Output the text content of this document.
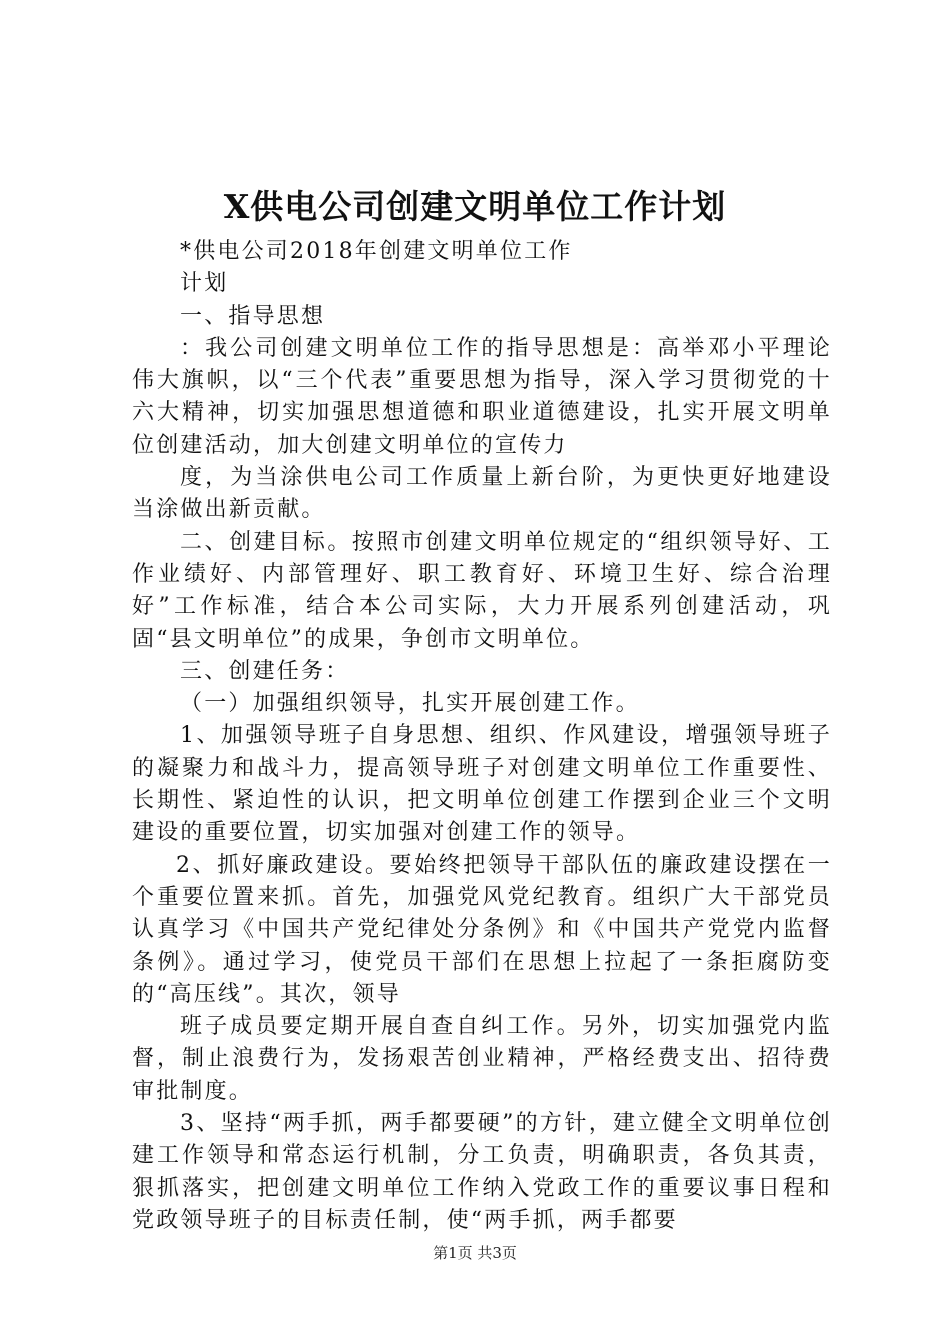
X供电公司创建文明单位工作计划

*供电公司2018年创建文明单位工作

计划

一、指导思想

：我公司创建文明单位工作的指导思想是：高举邓小平理论伟大旗帜，以“三个代表”重要思想为指导，深入学习贯彻党的十六大精神，切实加强思想道德和职业道德建设，扎实开展文明单位创建活动，加大创建文明单位的宣传力

度，为当涂供电公司工作质量上新台阶，为更快更好地建设当涂做出新贡献。

二、创建目标。按照市创建文明单位规定的“组织领导好、工作业绩好、内部管理好、职工教育好、环境卫生好、综合治理好”工作标准，结合本公司实际，大力开展系列创建活动，巩固“县文明单位”的成果，争创市文明单位。

三、创建任务：

（一）加强组织领导，扎实开展创建工作。

1、加强领导班子自身思想、组织、作风建设，增强领导班子的凝聚力和战斗力，提高领导班子对创建文明单位工作重要性、长期性、紧迫性的认识，把文明单位创建工作摆到企业三个文明建设的重要位置，切实加强对创建工作的领导。

2、抓好廉政建设。要始终把领导干部队伍的廉政建设摆在一个重要位置来抓。首先，加强党风党纪教育。组织广大干部党员认真学习《中国共产党纪律处分条例》和《中国共产党党内监督条例》。通过学习，使党员干部们在思想上拉起了一条拒腐防变的“高压线”。其次，领导

班子成员要定期开展自查自纠工作。另外，切实加强党内监督，制止浪费行为，发扬艰苦创业精神，严格经费支出、招待费审批制度。

3、坚持“两手抓，两手都要硬”的方针，建立健全文明单位创建工作领导和常态运行机制，分工负责，明确职责，各负其责，狠抓落实，把创建文明单位工作纳入党政工作的重要议事日程和党政领导班子的目标责任制，使“两手抓，两手都要

第1页 共3页
